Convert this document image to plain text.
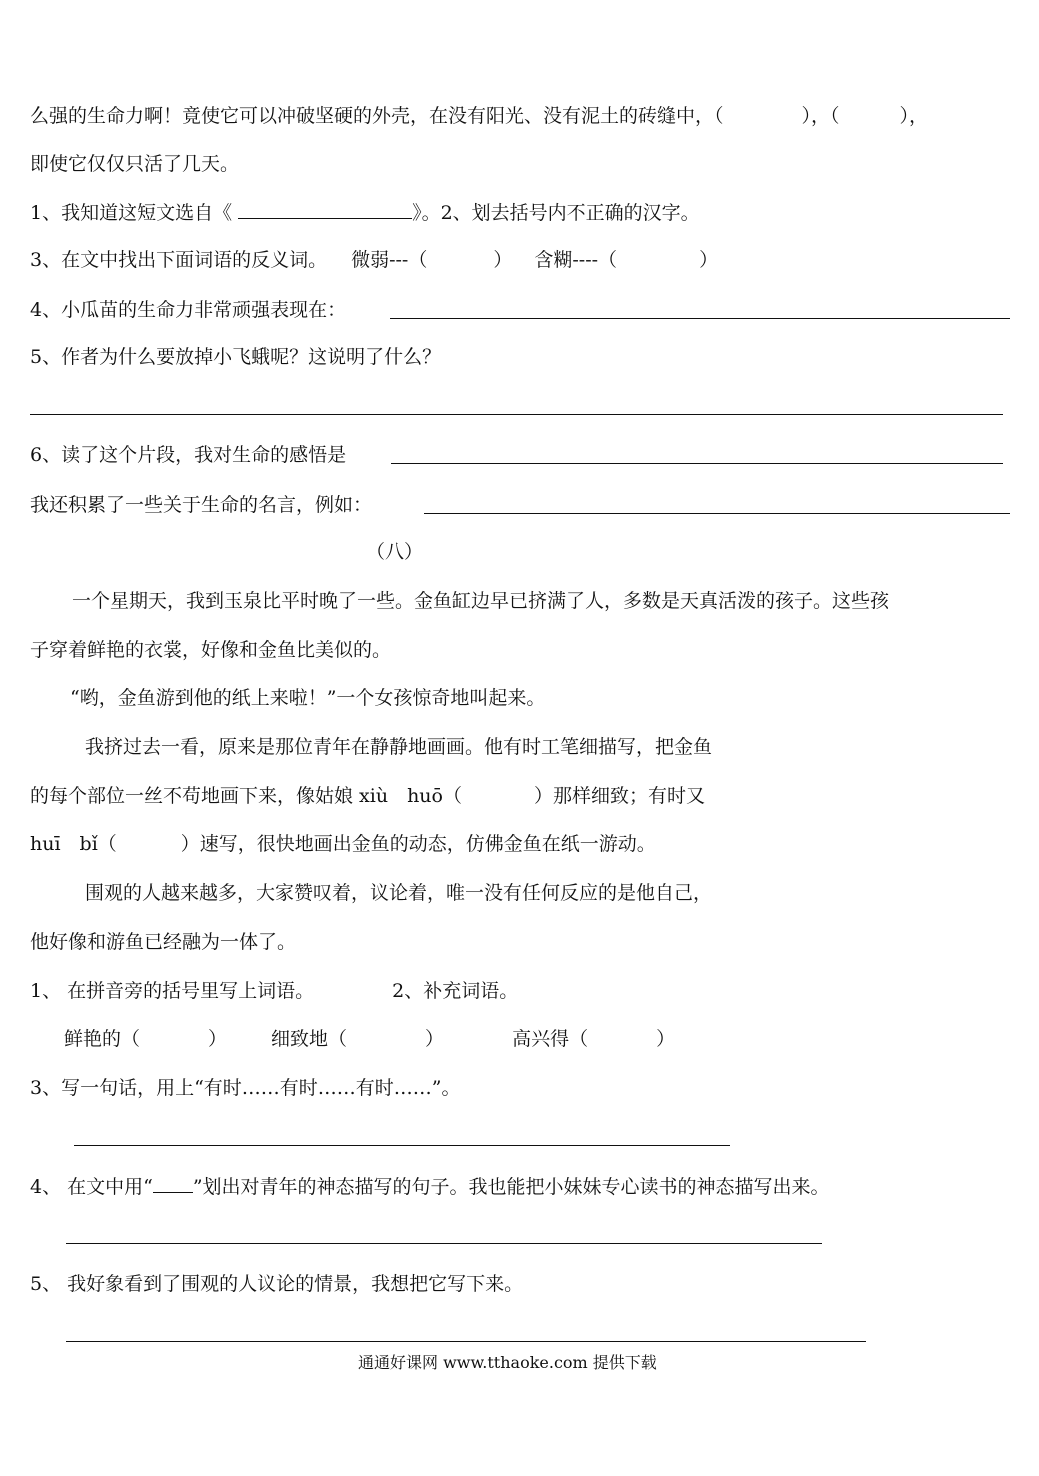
么强的生命力啊！竟使它可以冲破坚硬的外壳，在没有阳光、没有泥土的砖缝中，（	），（	），
即使它仅仅只活了几天。
1、我知道这短文选自《	》。2、划去括号内不正确的汉字。
3、在文中找出下面词语的反义词。 微弱---（	） 含糊----（	）
4、小瓜苗的生命力非常顽强表现在：
5、作者为什么要放掉小飞蛾呢？这说明了什么？
6、读了这个片段，我对生命的感悟是
我还积累了一些关于生命的名言，例如：
（八）
一个星期天，我到玉泉比平时晚了一些。金鱼缸边早已挤满了人，多数是天真活泼的孩子。这些孩
子穿着鲜艳的衣裳，好像和金鱼比美似的。
“哟，金鱼游到他的纸上来啦！”一个女孩惊奇地叫起来。
我挤过去一看，原来是那位青年在静静地画画。他有时工笔细描写，把金鱼
的每个部位一丝不苟地画下来，像姑娘 xiù　huō（	）那样细致；有时又
huī　bǐ（	）速写，很快地画出金鱼的动态，仿佛金鱼在纸一游动。
围观的人越来越多，大家赞叹着，议论着，唯一没有任何反应的是他自己，
他好像和游鱼已经融为一体了。
1、 在拼音旁的括号里写上词语。	2、补充词语。
鲜艳的（	） 细致地（	）	高兴得（	）
3、写一句话，用上“有时……有时……有时……”。
4、 在文中用“ ”划出对青年的神态描写的句子。我也能把小妹妹专心读书的神态描写出来。
5、 我好象看到了围观的人议论的情景，我想把它写下来。
通通好课网 www.tthaoke.com 提供下载
